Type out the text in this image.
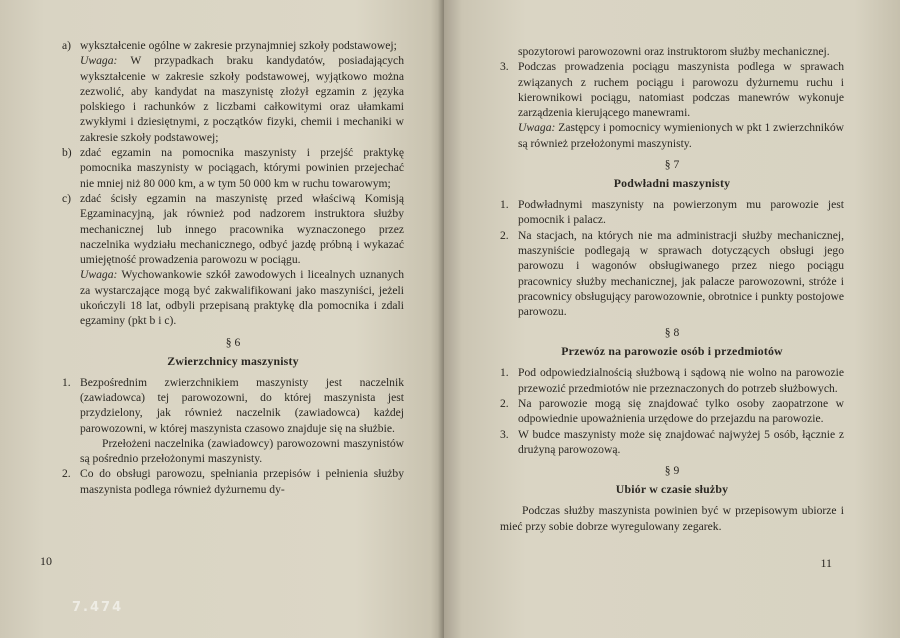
a) wykształcenie ogólne w zakresie przynajmniej szkoły podstawowej;
Uwaga: W przypadkach braku kandydatów, posiadających wykształcenie w zakresie szkoły podstawowej, wyjątkowo można zezwolić, aby kandydat na maszynistę złożył egzamin z języka polskiego i rachunków z liczbami całkowitymi oraz ułamkami zwykłymi i dziesiętnymi, z początków fizyki, chemii i mechaniki w zakresie szkoły podstawowej;
b) zdać egzamin na pomocnika maszynisty i przejść praktykę pomocnika maszynisty w pociągach, którymi powinien przejechać nie mniej niż 80 000 km, a w tym 50 000 km w ruchu towarowym;
c) zdać ścisły egzamin na maszynistę przed właściwą Komisją Egzaminacyjną, jak również pod nadzorem instruktora służby mechanicznej lub innego pracownika wyznaczonego przez naczelnika wydziału mechanicznego, odbyć jazdę próbną i wykazać umiejętność prowadzenia parowozu w pociągu.
Uwaga: Wychowankowie szkół zawodowych i licealnych uznanych za wystarczające mogą być zakwalifikowani jako maszyniści, jeżeli ukończyli 18 lat, odbyli przepisaną praktykę dla pomocnika i zdali egzaminy (pkt b i c).
§ 6
Zwierzchnicy maszynisty
1. Bezpośrednim zwierzchnikiem maszynisty jest naczelnik (zawiadowca) tej parowozowni, do której maszynista jest przydzielony, jak również naczelnik (zawiadowca) każdej parowozowni, w której maszynista czasowo znajduje się na służbie.
Przełożeni naczelnika (zawiadowcy) parowozowni maszynistów są pośrednio przełożonymi maszynisty.
2. Co do obsługi parowozu, spełniania przepisów i pełnienia służby maszynista podlega również dyżurnemu dy-
10
7.474
spozytorowi parowozowni oraz instruktorom służby mechanicznej.
3. Podczas prowadzenia pociągu maszynista podlega w sprawach związanych z ruchem pociągu i parowozu dyżurnemu ruchu i kierownikowi pociągu, natomiast podczas manewrów wykonuje zarządzenia kierującego manewrami.
Uwaga: Zastępcy i pomocnicy wymienionych w pkt 1 zwierzchników są również przełożonymi maszynisty.
§ 7
Podwładni maszynisty
1. Podwładnymi maszynisty na powierzonym mu parowozie jest pomocnik i palacz.
2. Na stacjach, na których nie ma administracji służby mechanicznej, maszyniście podlegają w sprawach dotyczących obsługi jego parowozu i wagonów obsługiwanego przez niego pociągu pracownicy służby mechanicznej, jak palacze parowozowni, stróże i pracownicy obsługujący parowozownie, obrotnice i punkty postojowe parowozu.
§ 8
Przewóz na parowozie osób i przedmiotów
1. Pod odpowiedzialnością służbową i sądową nie wolno na parowozie przewozić przedmiotów nie przeznaczonych do potrzeb służbowych.
2. Na parowozie mogą się znajdować tylko osoby zaopatrzone w odpowiednie upoważnienia urzędowe do przejazdu na parowozie.
3. W budce maszynisty może się znajdować najwyżej 5 osób, łącznie z drużyną parowozową.
§ 9
Ubiór w czasie służby

Podczas służby maszynista powinien być w przepisowym ubiorze i mieć przy sobie dobrze wyregulowany zegarek.

11
